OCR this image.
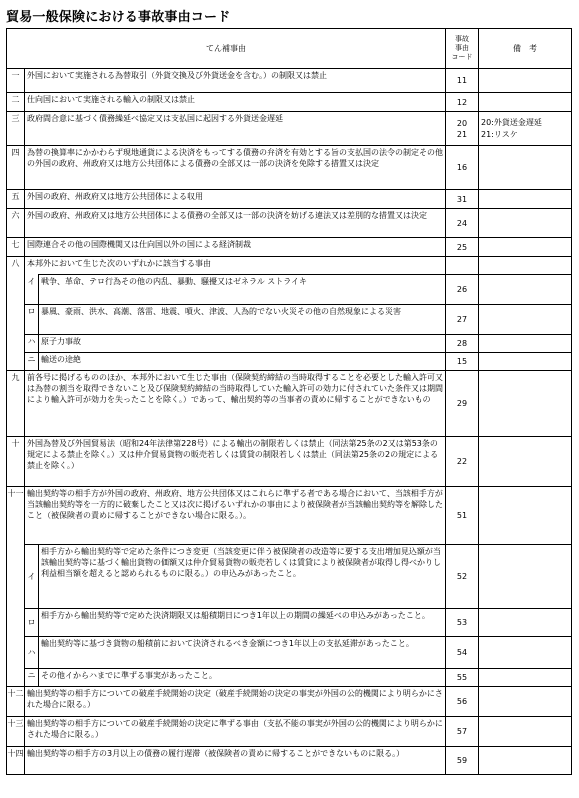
貿易一般保険における事故事由コード
てん補事由			事故
事由
コード	備　考
一	外国において実施される為替取引（外貨交換及び外貨送金を含む。）の制限又は禁止		11	
二	仕向国において実施される輸入の制限又は禁止		12	
三	政府間合意に基づく債務繰延べ協定又は支払国に起因する外貨送金遅延		20
21	20:外貨送金遅延
21:リスケ
四	為替の換算率にかかわらず現地通貨による決済をもってする債務の弁済を有効とする旨の支払国の法令の制定その他の外国の政府、州政府又は地方公共団体による債務の全部又は一部の決済を免除する措置又は決定		16	
五	外国の政府、州政府又は地方公共団体による収用		31	
六	外国の政府、州政府又は地方公共団体による債務の全部又は一部の決済を妨げる違法又は差別的な措置又は決定		24	
七	国際連合その他の国際機関又は仕向国以外の国による経済制裁		25	
八	本邦外において生じた次のいずれかに該当する事由			
	イ	戦争、革命、テロ行為その他の内乱、暴動、騒擾又はゼネラル ストライキ	26	
	ロ	暴風、豪雨、洪水、高潮、落雷、地震、噴火、津波、人為的でない火災その他の自然現象による災害	27	
	ハ	原子力事故	28	
	ニ	輸送の途絶	15	
九	前各号に掲げるもののほか、本邦外において生じた事由（保険契約締結の当時取得することを必要とした輸入許可又は為替の割当を取得できないこと及び保険契約締結の当時取得していた輸入許可の効力に付されていた条件又は期間により輸入許可が効力を失ったことを除く。）であって、輸出契約等の当事者の責めに帰することができないもの		29	
十	外国為替及び外国貿易法（昭和24年法律第228号）による輸出の制限若しくは禁止（同法第25条の2又は第53条の規定による禁止を除く。）又は仲介貿易貨物の販売若しくは賃貸の制限若しくは禁止（同法第25条の2の規定による禁止を除く。）		22	
十一	輸出契約等の相手方が外国の政府、州政府、地方公共団体又はこれらに準ずる者である場合において、当該相手方が当該輸出契約等を一方的に破棄したこと又は次に掲げるいずれかの事由により被保険者が当該輸出契約等を解除したこと（被保険者の責めに帰することができない場合に限る。）。		51	
	イ	相手方から輸出契約等で定めた条件につき変更（当該変更に伴う被保険者の改造等に要する支出増加見込額が当該輸出契約等に基づく輸出貨物の価額又は仲介貿易貨物の販売若しくは賃貸により被保険者が取得し得べかりし利益相当額を超えると認められるものに限る。）の申込みがあったこと。	52	
	ロ	相手方から輸出契約等で定めた決済期限又は船積期日につき1年以上の期間の繰延べの申込みがあったこと。	53	
	ハ	輸出契約等に基づき貨物の船積前において決済されるべき金額につき1年以上の支払延滞があったこと。	54	
	ニ	その他イからハまでに準ずる事実があったこと。	55	
十二	輸出契約等の相手方についての破産手続開始の決定（破産手続開始の決定の事実が外国の公的機関により明らかにされた場合に限る。）		56	
十三	輸出契約等の相手方についての破産手続開始の決定に準ずる事由（支払不能の事実が外国の公的機関により明らかにされた場合に限る。）		57	
十四	輸出契約等の相手方の3月以上の債務の履行遅滞（被保険者の責めに帰することができないものに限る。）		59	
